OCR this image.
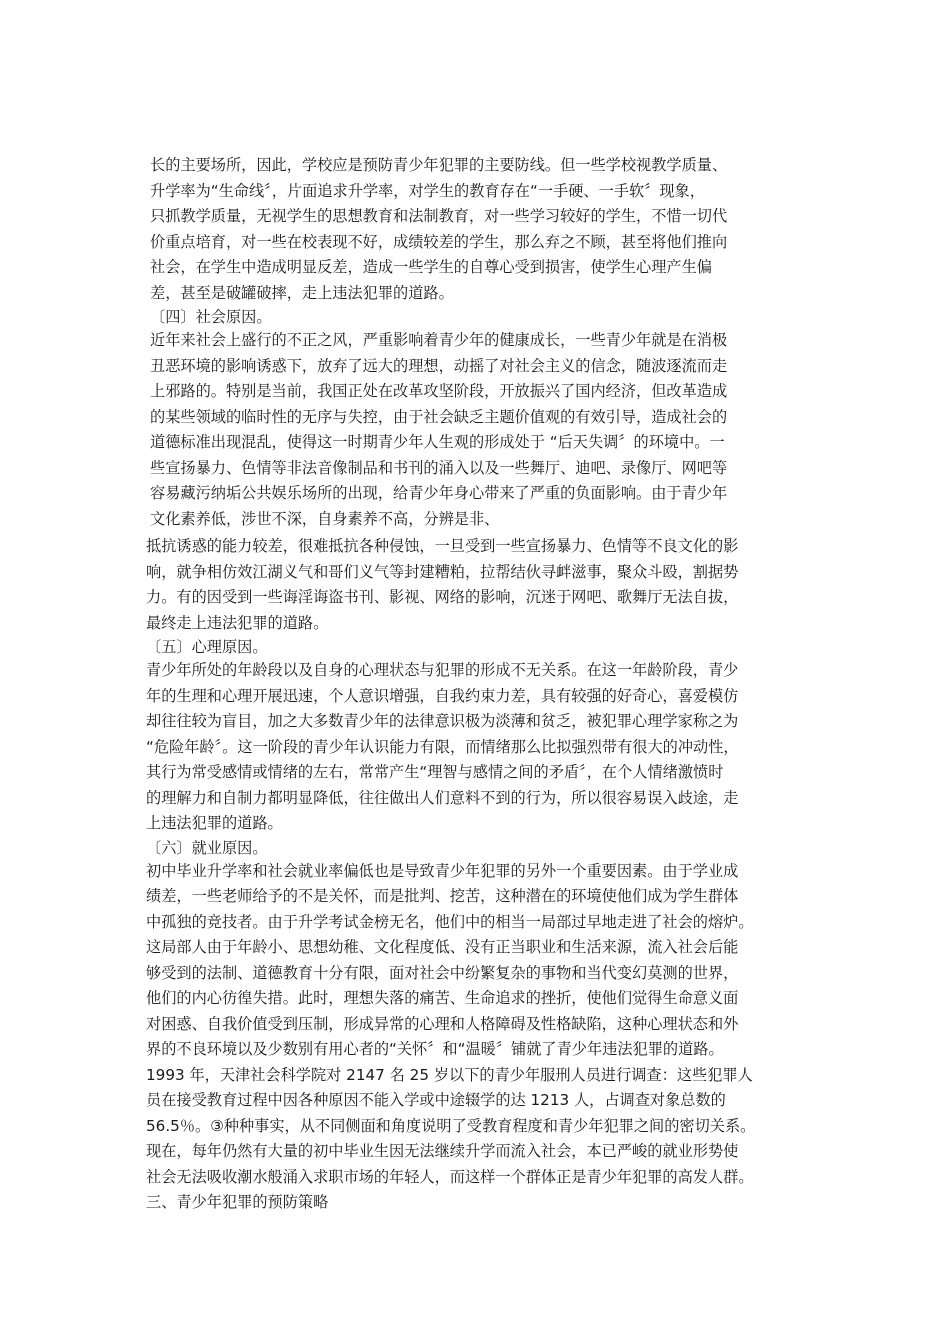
长的主要场所，因此，学校应是预防青少年犯罪的主要防线。但一些学校视教学质量、
升学率为“生命线〞，片面追求升学率，对学生的教育存在“一手硬、一手软〞现象，
只抓教学质量，无视学生的思想教育和法制教育，对一些学习较好的学生，不惜一切代
价重点培育，对一些在校表现不好，成绩较差的学生，那么弃之不顾，甚至将他们推向
社会，在学生中造成明显反差，造成一些学生的自尊心受到损害，使学生心理产生偏
差，甚至是破罐破摔，走上违法犯罪的道路。
〔四〕社会原因。
近年来社会上盛行的不正之风，严重影响着青少年的健康成长，一些青少年就是在消极
丑恶环境的影响诱惑下，放弃了远大的理想，动摇了对社会主义的信念，随波逐流而走
上邪路的。特别是当前，我国正处在改革攻坚阶段，开放振兴了国内经济，但改革造成
的某些领域的临时性的无序与失控，由于社会缺乏主题价值观的有效引导，造成社会的
道德标准出现混乱，使得这一时期青少年人生观的形成处于 “后天失调〞的环境中。一
些宣扬暴力、色情等非法音像制品和书刊的涌入以及一些舞厅、迪吧、录像厅、网吧等
容易藏污纳垢公共娱乐场所的出现，给青少年身心带来了严重的负面影响。由于青少年
文化素养低，涉世不深，自身素养不高，分辨是非、
抵抗诱惑的能力较差，很难抵抗各种侵蚀，一旦受到一些宣扬暴力、色情等不良文化的影
响，就争相仿效江湖义气和哥们义气等封建糟粕，拉帮结伙寻衅滋事，聚众斗殴，割据势
力。有的因受到一些诲淫诲盗书刊、影视、网络的影响，沉迷于网吧、歌舞厅无法自拔，
最终走上违法犯罪的道路。
〔五〕心理原因。
青少年所处的年龄段以及自身的心理状态与犯罪的形成不无关系。在这一年龄阶段，青少
年的生理和心理开展迅速，个人意识增强，自我约束力差，具有较强的好奇心，喜爱模仿
却往往较为盲目，加之大多数青少年的法律意识极为淡薄和贫乏，被犯罪心理学家称之为
“危险年龄〞。这一阶段的青少年认识能力有限，而情绪那么比拟强烈带有很大的冲动性，
其行为常受感情或情绪的左右，常常产生“理智与感情之间的矛盾〞，在个人情绪激愤时
的理解力和自制力都明显降低，往往做出人们意料不到的行为，所以很容易误入歧途，走
上违法犯罪的道路。
〔六〕就业原因。
初中毕业升学率和社会就业率偏低也是导致青少年犯罪的另外一个重要因素。由于学业成
绩差，一些老师给予的不是关怀，而是批判、挖苦，这种潜在的环境使他们成为学生群体
中孤独的竞技者。由于升学考试金榜无名，他们中的相当一局部过早地走进了社会的熔炉。
这局部人由于年龄小、思想幼稚、文化程度低、没有正当职业和生活来源，流入社会后能
够受到的法制、道德教育十分有限，面对社会中纷繁复杂的事物和当代变幻莫测的世界，
他们的内心彷徨失措。此时，理想失落的痛苦、生命追求的挫折，使他们觉得生命意义面
对困惑、自我价值受到压制，形成异常的心理和人格障碍及性格缺陷，这种心理状态和外
界的不良环境以及少数别有用心者的“关怀〞和“温暖〞铺就了青少年违法犯罪的道路。
1993 年，天津社会科学院对 2147 名 25 岁以下的青少年服刑人员进行调查：这些犯罪人
员在接受教育过程中因各种原因不能入学或中途辍学的达 1213 人，占调查对象总数的
56.5％。③种种事实，从不同侧面和角度说明了受教育程度和青少年犯罪之间的密切关系。
现在，每年仍然有大量的初中毕业生因无法继续升学而流入社会，本已严峻的就业形势使
社会无法吸收潮水般涌入求职市场的年轻人，而这样一个群体正是青少年犯罪的高发人群。
三、青少年犯罪的预防策略
